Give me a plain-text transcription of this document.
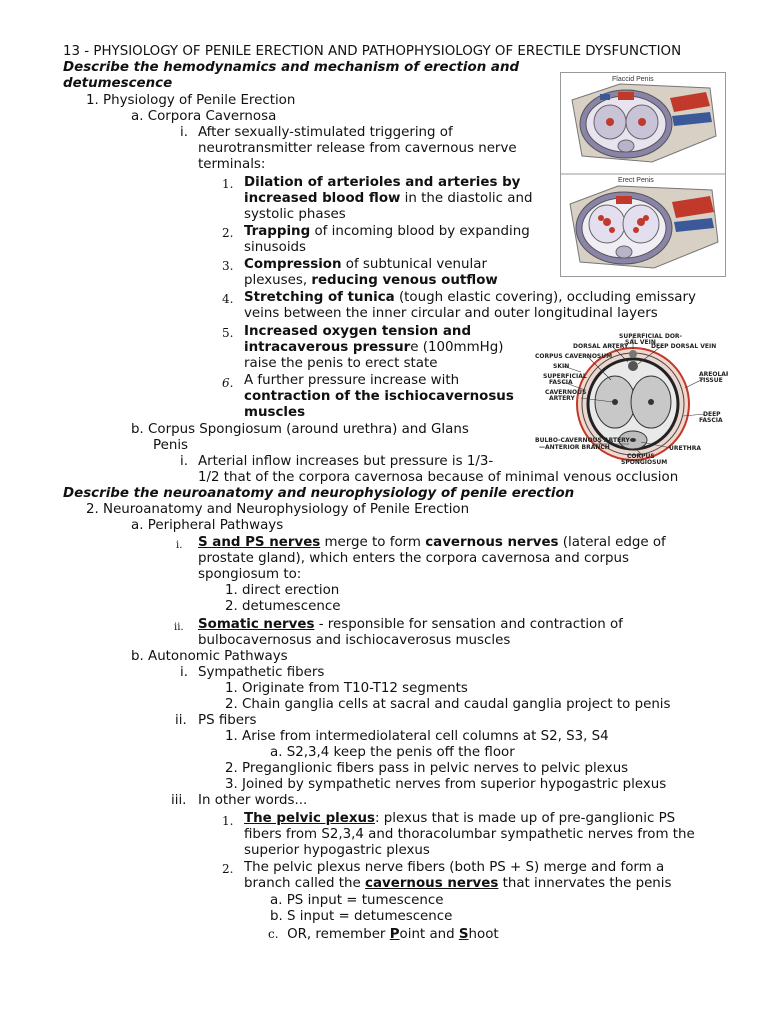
13 - PHYSIOLOGY OF PENILE ERECTION AND PATHOPHYSIOLOGY OF ERECTILE DYSFUNCTION
Describe the hemodynamics and mechanism of erection and
detumescence
1. Physiology of Penile Erection
a. Corpora Cavernosa
i. After sexually-stimulated triggering of
neurotransmitter release from cavernous nerve
terminals:
1. Dilation of arterioles and arteries by
increased blood flow in the diastolic and
systolic phases
2. Trapping of incoming blood by expanding
sinusoids
3. Compression of subtunical venular
plexuses, reducing venous outflow
4. Stretching of tunica (tough elastic covering), occluding emissary
veins between the inner circular and outer longitudinal layers
5. Increased oxygen tension and
intracaverous pressure (100mmHg)
raise the penis to erect state
6. A further pressure increase with
contraction of the ischiocavernosus
muscles
b. Corpus Spongiosum (around urethra) and Glans
Penis
i. Arterial inflow increases but pressure is 1/3-
1/2 that of the corpora cavernosa because of minimal venous occlusion
Describe the neuroanatomy and neurophysiology of penile erection
2. Neuroanatomy and Neurophysiology of Penile Erection
a. Peripheral Pathways
i. S and PS nerves merge to form cavernous nerves (lateral edge of
prostate gland), which enters the corpora cavernosa and corpus
spongiosum to:
1. direct erection
2. detumescence
ii. Somatic nerves - responsible for sensation and contraction of
bulbocavernosus and ischiocaverosus muscles
b. Autonomic Pathways
i. Sympathetic fibers
1. Originate from T10-T12 segments
2. Chain ganglia cells at sacral and caudal ganglia project to penis
ii. PS fibers
1. Arise from intermediolateral cell columns at S2, S3, S4
a. S2,3,4 keep the penis off the floor
2. Preganglionic fibers pass in pelvic nerves to pelvic plexus
3. Joined by sympathetic nerves from superior hypogastric plexus
iii. In other words...
1. The pelvic plexus: plexus that is made up of pre-ganglionic PS
fibers from S2,3,4 and thoracolumbar sympathetic nerves from the
superior hypogastric plexus
2. The pelvic plexus nerve fibers (both PS + S) merge and form a
branch called the cavernous nerves that innervates the penis
a. PS input = tumescence
b. S input = detumescence
c. OR, remember Point and Shoot
Flaccid Penis
Erect Penis
SUPERFICIAL DOR-
SAL VEIN
DORSAL ARTERY	DEEP DORSAL VEIN
CORPUS CAVERNOSUM
SKIN
SUPERFICIAL
FASCIA
CAVERNOUS
ARTERY
AREOLAR
TISSUE
DEEP
FASCIA
BULBO-CAVERNOUS ARTERY
—ANTERIOR BRANCH	URETHRA
CORPUS
SPONGIOSUM
